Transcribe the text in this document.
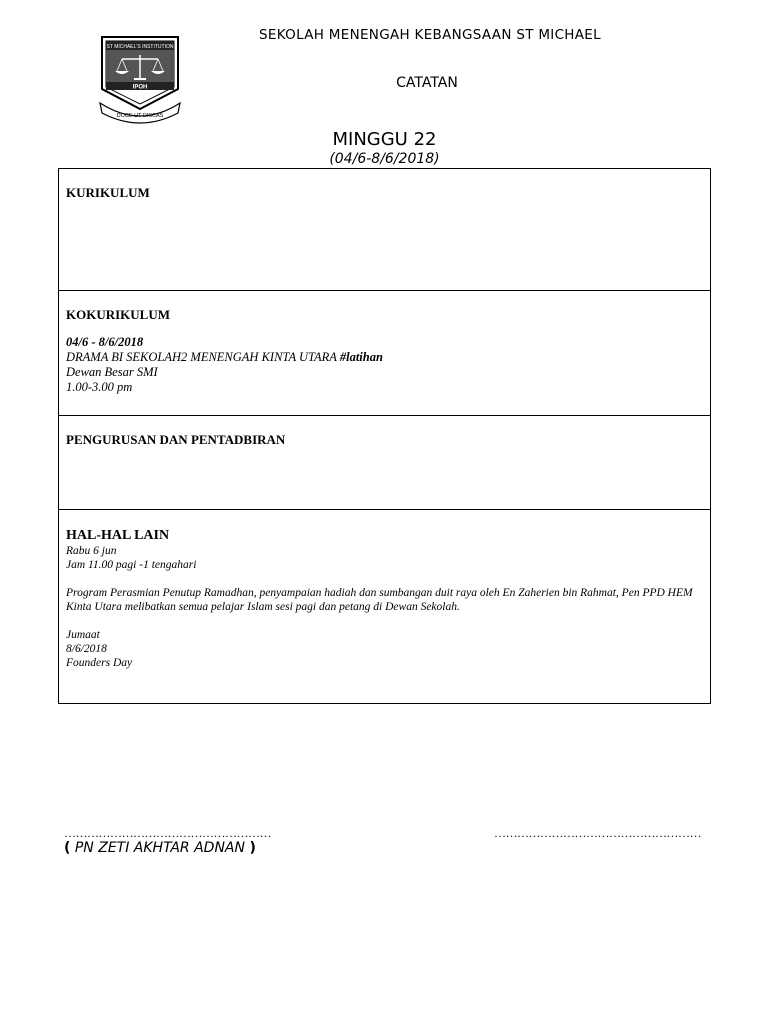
ST MICHAEL'S INSTITUTION
IPOH
DOCE UT DISCAS
SEKOLAH MENENGAH KEBANGSAAN ST MICHAEL
CATATAN
MINGGU 22
(04/6-8/6/2018)
KURIKULUM
KOKURIKULUM
04/6 - 8/6/2018
DRAMA BI SEKOLAH2 MENENGAH KINTA UTARA #latihan
Dewan Besar SMI
1.00-3.00 pm
PENGURUSAN DAN PENTADBIRAN
HAL-HAL LAIN
Rabu 6 jun
Jam 11.00 pagi -1 tengahari
Program Perasmian Penutup Ramadhan, penyampaian hadiah dan sumbangan duit raya oleh En Zaherien bin Rahmat, Pen PPD HEM Kinta Utara melibatkan semua pelajar Islam sesi pagi dan petang di Dewan Sekolah.
Jumaat
8/6/2018
Founders Day
………………………………………………	………………………………………………
( PN ZETI AKHTAR ADNAN )
